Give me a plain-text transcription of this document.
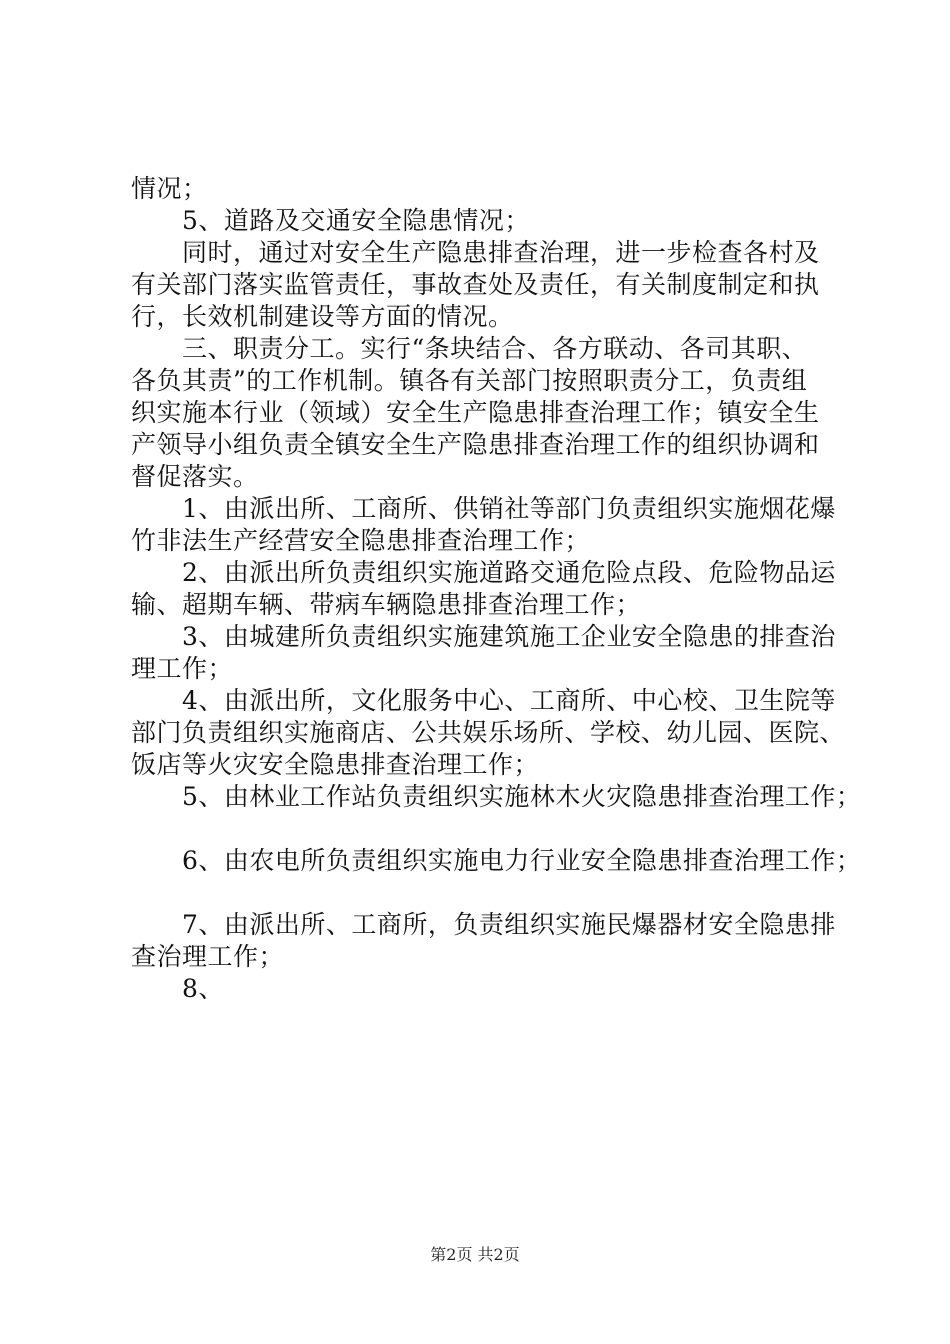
情况；
　　5、道路及交通安全隐患情况；
　　同时，通过对安全生产隐患排查治理，进一步检查各村及
有关部门落实监管责任，事故查处及责任，有关制度制定和执
行，长效机制建设等方面的情况。
　　三、职责分工。实行“条块结合、各方联动、各司其职、
各负其责”的工作机制。镇各有关部门按照职责分工，负责组
织实施本行业（领域）安全生产隐患排查治理工作；镇安全生
产领导小组负责全镇安全生产隐患排查治理工作的组织协调和
督促落实。
　　1、由派出所、工商所、供销社等部门负责组织实施烟花爆
竹非法生产经营安全隐患排查治理工作；
　　2、由派出所负责组织实施道路交通危险点段、危险物品运
输、超期车辆、带病车辆隐患排查治理工作；
　　3、由城建所负责组织实施建筑施工企业安全隐患的排查治
理工作；
　　4、由派出所，文化服务中心、工商所、中心校、卫生院等
部门负责组织实施商店、公共娱乐场所、学校、幼儿园、医院、
饭店等火灾安全隐患排查治理工作；
　　5、由林业工作站负责组织实施林木火灾隐患排查治理工作；
　　6、由农电所负责组织实施电力行业安全隐患排查治理工作；
　　7、由派出所、工商所，负责组织实施民爆器材安全隐患排
查治理工作；
　　8、
第2页 共2页
